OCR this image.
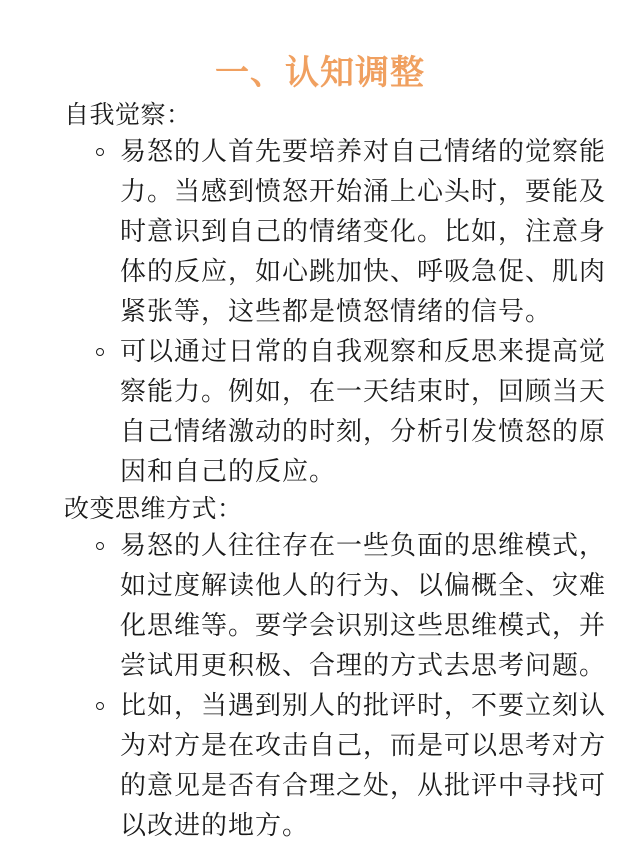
一、认知调整
自我觉察：
易怒的人首先要培养对自己情绪的觉察能力。当感到愤怒开始涌上心头时，要能及时意识到自己的情绪变化。比如，注意身体的反应，如心跳加快、呼吸急促、肌肉紧张等，这些都是愤怒情绪的信号。
可以通过日常的自我观察和反思来提高觉察能力。例如，在一天结束时，回顾当天自己情绪激动的时刻，分析引发愤怒的原因和自己的反应。
改变思维方式：
易怒的人往往存在一些负面的思维模式，如过度解读他人的行为、以偏概全、灾难化思维等。要学会识别这些思维模式，并尝试用更积极、合理的方式去思考问题。
比如，当遇到别人的批评时，不要立刻认为对方是在攻击自己，而是可以思考对方的意见是否有合理之处，从批评中寻找可以改进的地方。
